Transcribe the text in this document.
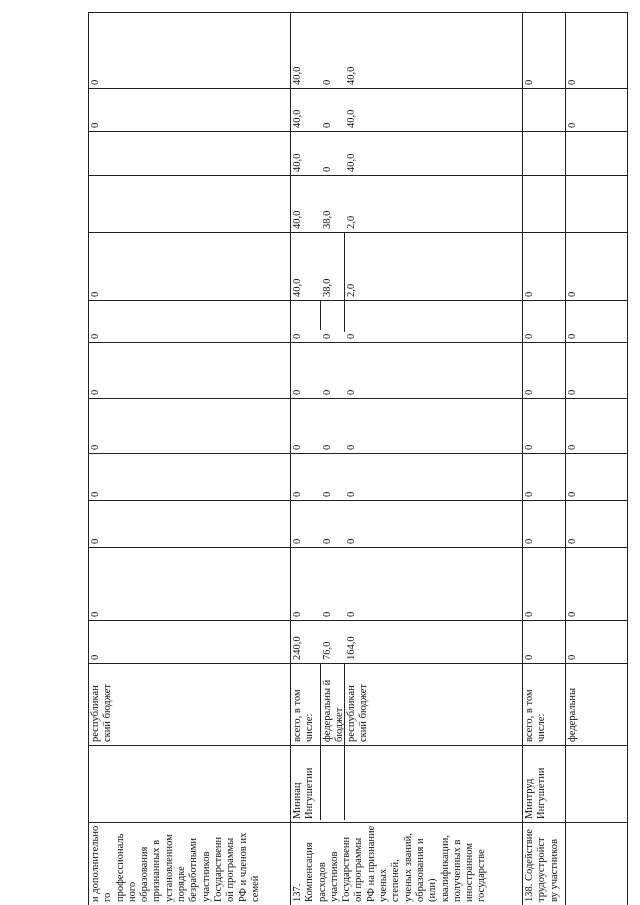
и дополнительно го профессиональ ного образования признанных в установленном порядке безработными участников Государственн ой программы РФ и членов их семей
республикан ский бюджет
137. Компенсация расходов участников Государственн ой программы РФ на признание ученых степеней, ученых званий, образования и (или) квалификации, полученных в иностранном государстве
Миннац Ингушетии
всего, в том числе: федеральны й бюджет республикан ский бюджет
138. Содействие трудоустройст ву участников
Минтруд Ингушетии
всего, в том числе:	федеральны
0
0
0
0
0
0
0
0
0
0
240,0
0
0
0
0
0
0
40,0
40,0
40,0
40,0
40,0
76,0
0
0
0
0
0
0
38,0
38,0
0
0
0
164,0
0
0
0
0
0
0
2,0
2,0
40,0
40,0
40,0
0
0
0
0
0
0
0
0
0
0
0
0
0
0
0
0
0
0
0
